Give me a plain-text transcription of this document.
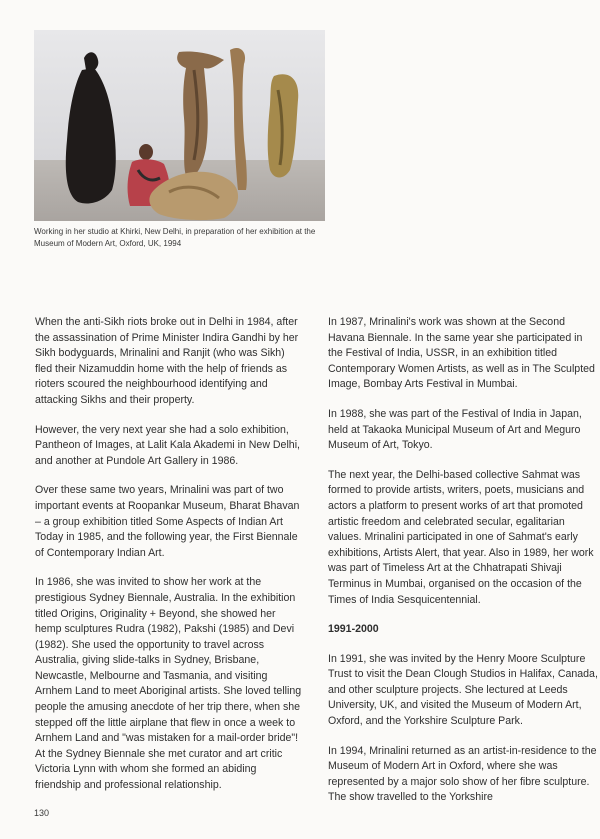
Working in her studio at Khirki, New Delhi, in preparation of her exhibition at the Museum of Modern Art, Oxford, UK, 1994

When the anti-Sikh riots broke out in Delhi in 1984, after the assassination of Prime Minister Indira Gandhi by her Sikh bodyguards, Mrinalini and Ranjit (who was Sikh) fled their Nizamuddin home with the help of friends as rioters scoured the neighbourhood identifying and attacking Sikhs and their property.

However, the very next year she had a solo exhibition, Pantheon of Images, at Lalit Kala Akademi in New Delhi, and another at Pundole Art Gallery in 1986.

Over these same two years, Mrinalini was part of two important events at Roopankar Museum, Bharat Bhavan – a group exhibition titled Some Aspects of Indian Art Today in 1985, and the following year, the First Biennale of Contemporary Indian Art.

In 1986, she was invited to show her work at the prestigious Sydney Biennale, Australia. In the exhibition titled Origins, Originality + Beyond, she showed her hemp sculptures Rudra (1982), Pakshi (1985) and Devi (1982). She used the opportunity to travel across Australia, giving slide-talks in Sydney, Brisbane, Newcastle, Melbourne and Tasmania, and visiting Arnhem Land to meet Aboriginal artists. She loved telling people the amusing anecdote of her trip there, when she stepped off the little airplane that flew in once a week to Arnhem Land and "was mistaken for a mail-order bride"! At the Sydney Biennale she met curator and art critic Victoria Lynn with whom she formed an abiding friendship and professional relationship.

In 1987, Mrinalini's work was shown at the Second Havana Biennale. In the same year she participated in the Festival of India, USSR, in an exhibition titled Contemporary Women Artists, as well as in The Sculpted Image, Bombay Arts Festival in Mumbai.

In 1988, she was part of the Festival of India in Japan, held at Takaoka Municipal Museum of Art and Meguro Museum of Art, Tokyo.

The next year, the Delhi-based collective Sahmat was formed to provide artists, writers, poets, musicians and actors a platform to present works of art that promoted artistic freedom and celebrated secular, egalitarian values. Mrinalini participated in one of Sahmat's early exhibitions, Artists Alert, that year. Also in 1989, her work was part of Timeless Art at the Chhatrapati Shivaji Terminus in Mumbai, organised on the occasion of the Times of India Sesquicentennial.

1991-2000

In 1991, she was invited by the Henry Moore Sculpture Trust to visit the Dean Clough Studios in Halifax, Canada, and other sculpture projects. She lectured at Leeds University, UK, and visited the Museum of Modern Art, Oxford, and the Yorkshire Sculpture Park.

In 1994, Mrinalini returned as an artist-in-residence to the Museum of Modern Art in Oxford, where she was represented by a major solo show of her fibre sculpture. The show travelled to the Yorkshire

130
